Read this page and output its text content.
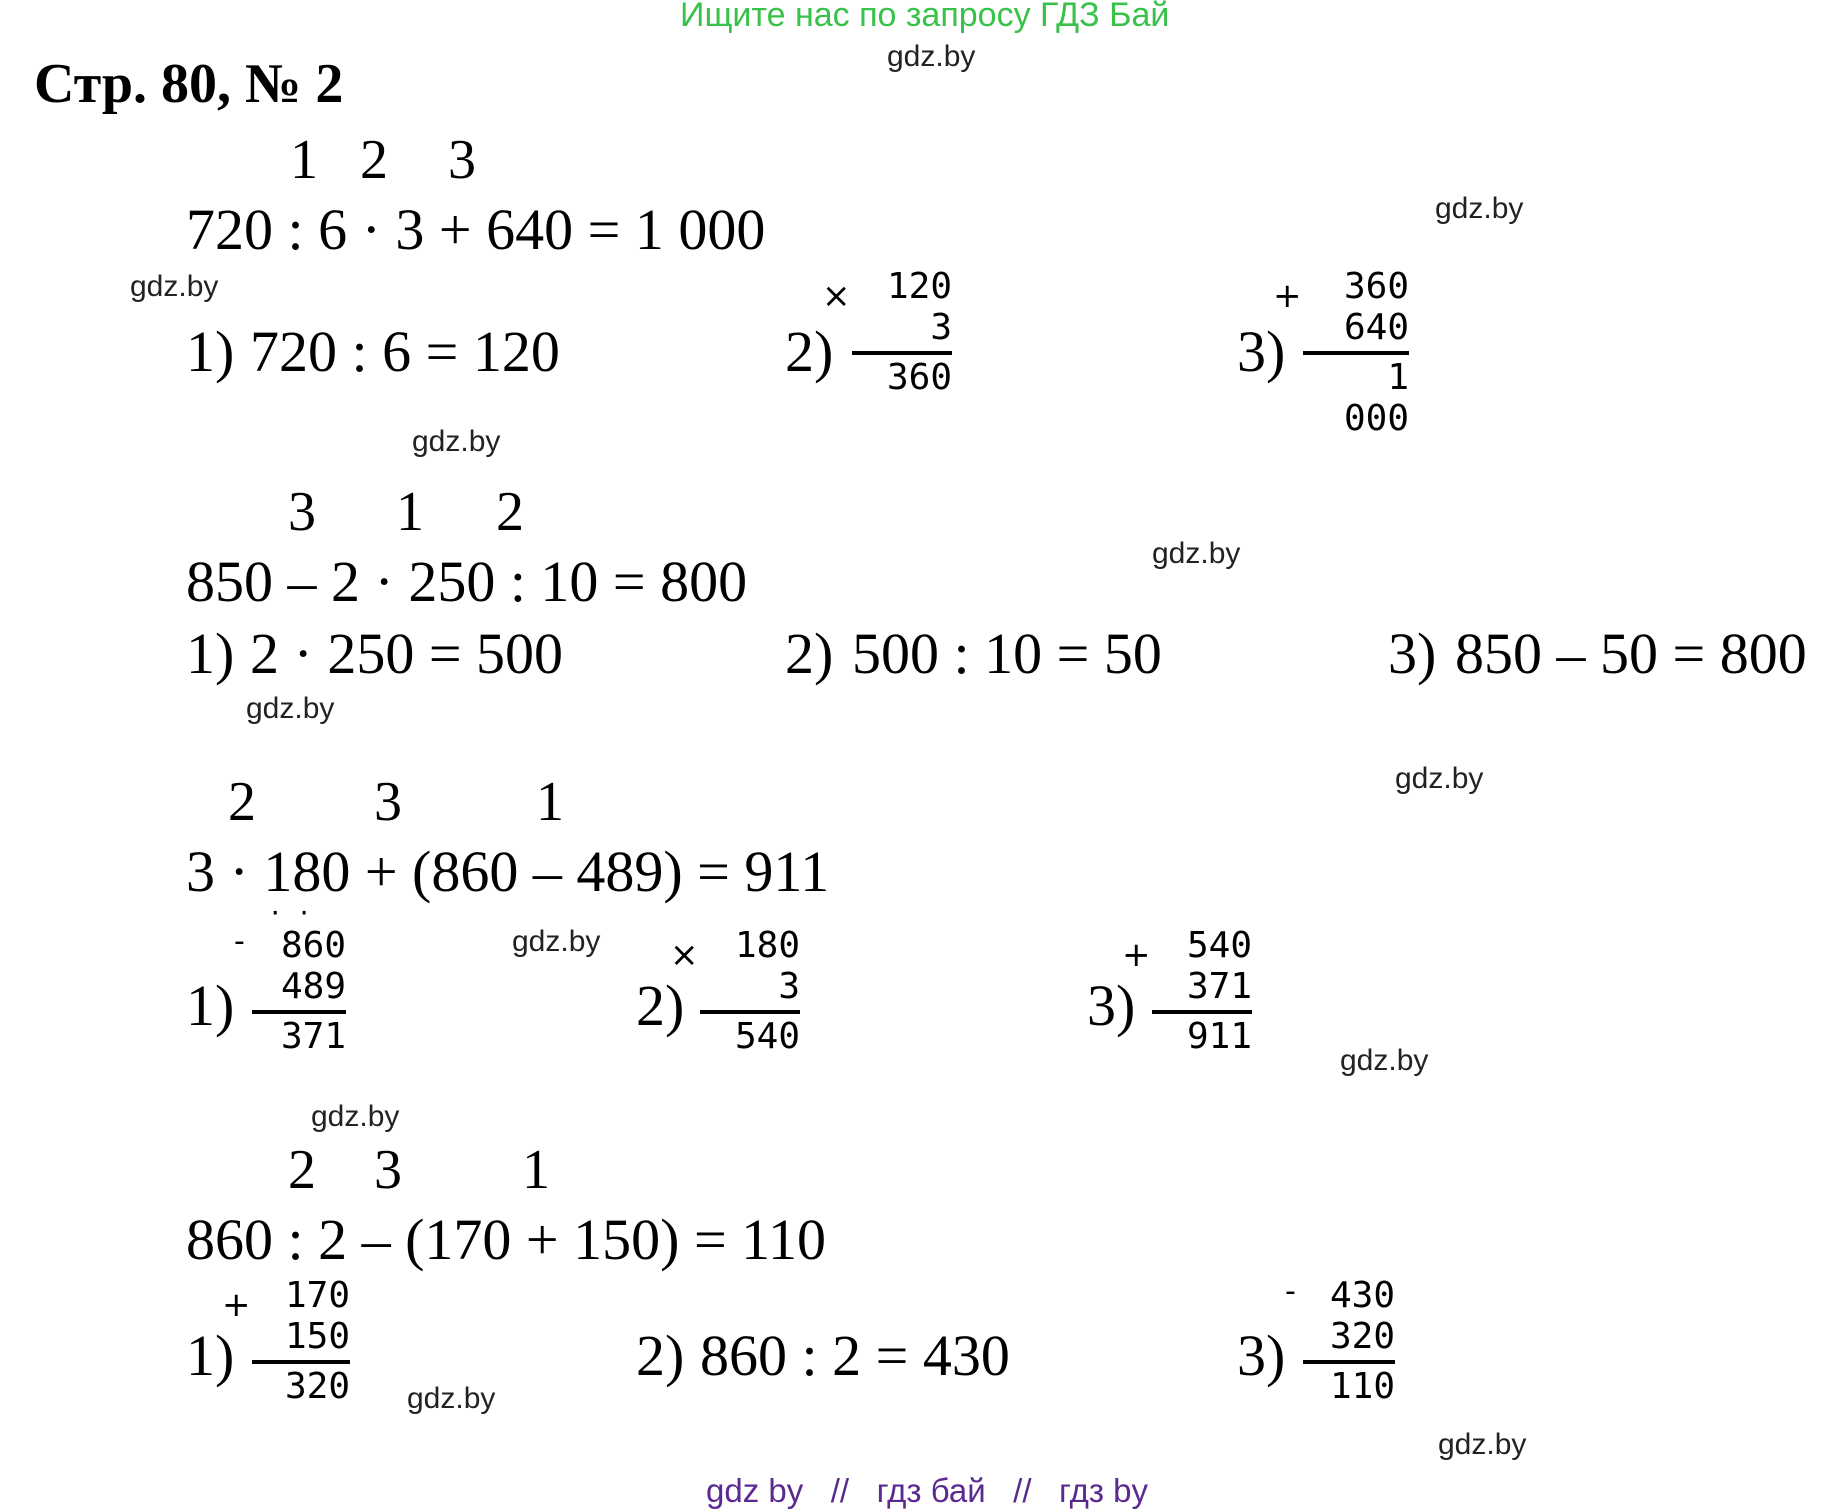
Ищите нас по запросу ГДЗ Бай
Стр. 80, № 2	gdz.by
gdz.by
gdz.by
gdz.by
gdz.by
gdz.by
gdz.by
gdz.by
gdz.by
gdz.by
gdz.by
gdz.by
1 2 3
720 : 6 · 3 + 640 = 1 000
1) 720 : 6 = 120	2)
×	120
3
360	3)
+	360
640
1 000
3 1 2
850 – 2 · 250 : 10 = 800
1) 2 · 250 = 500	2) 500 : 10 = 50	3) 850 – 50 = 800
2 3 1
3 · 180 + (860 – 489) = 911
1)
· ·
-	860
489
371	2)
×	180
3
540	3)
+	540
371
911
2 3 1
860 : 2 – (170 + 150) = 110
1)
+ 170
150
320	2) 860 : 2 = 430	3)
- 430
320
110
gdz by // гдз бай // гдз by
